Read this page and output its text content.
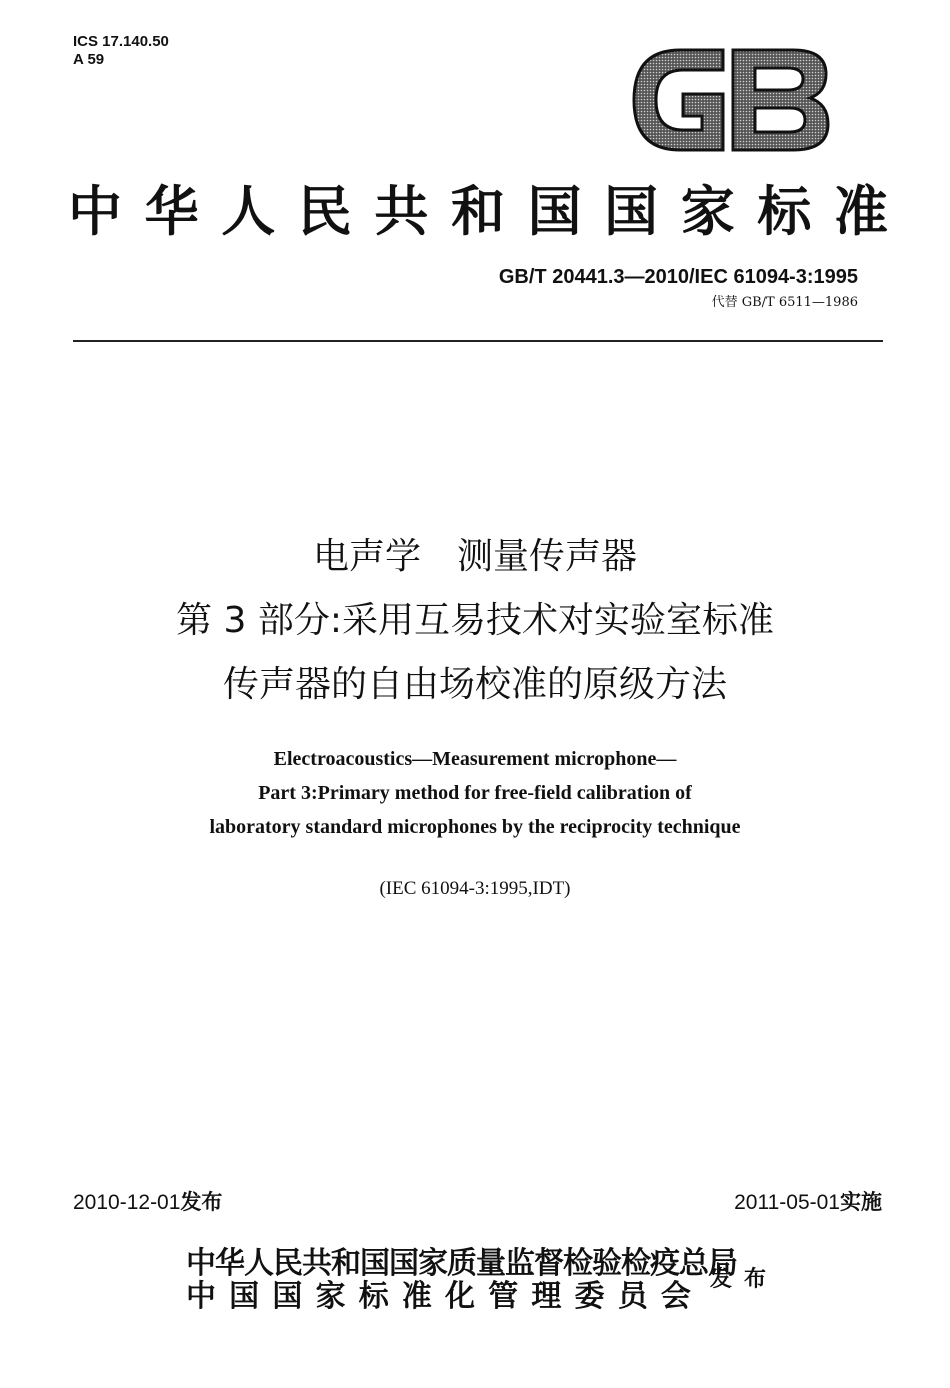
ICS 17.140.50
A 59
中 华 人 民 共 和 国 国 家 标 准
GB/T 20441.3—2010/IEC 61094-3:1995
代替 GB/T 6511—1986
电声学　测量传声器
第 3 部分:采用互易技术对实验室标准
传声器的自由场校准的原级方法
Electroacoustics—Measurement microphone—
Part 3:Primary method for free-field calibration of
laboratory standard microphones by the reciprocity technique
(IEC 61094-3:1995,IDT)
2010-12-01发布	2011-05-01实施
中华人民共和国国家质量监督检验检疫总局
中 国 国 家 标 准 化 管 理 委 员 会 发布
